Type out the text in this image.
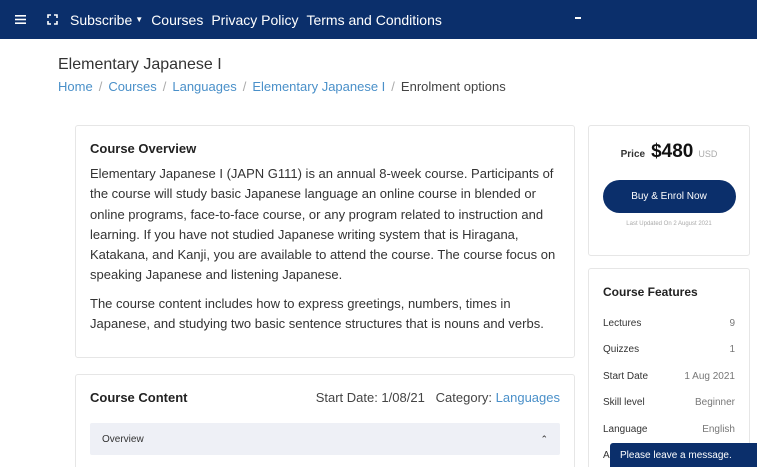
Subscribe ▼ Courses Privacy Policy Terms and Conditions
Elementary Japanese I
Home / Courses / Languages / Elementary Japanese I / Enrolment options
Course Overview

Elementary Japanese I (JAPN G111) is an annual 8-week course. Participants of the course will study basic Japanese language an online course in blended or online programs, face-to-face course, or any program related to instruction and learning. If you have not studied Japanese writing system that is Hiragana, Katakana, and Kanji, you are available to attend the course. The course focus on speaking Japanese and listening Japanese.

The course content includes how to express greetings, numbers, times in Japanese, and studying two basic sentence structures that is nouns and verbs.

Course Content	Start Date: 1/08/21 Category: Languages
Overview	⌃
Price $480 USD
Buy & Enrol Now
Last Updated On 2 August 2021
Course Features
Lectures	9
Quizzes	1
Start Date	1 Aug 2021
Skill level	Beginner
Language	English
A	Please leave a message.
